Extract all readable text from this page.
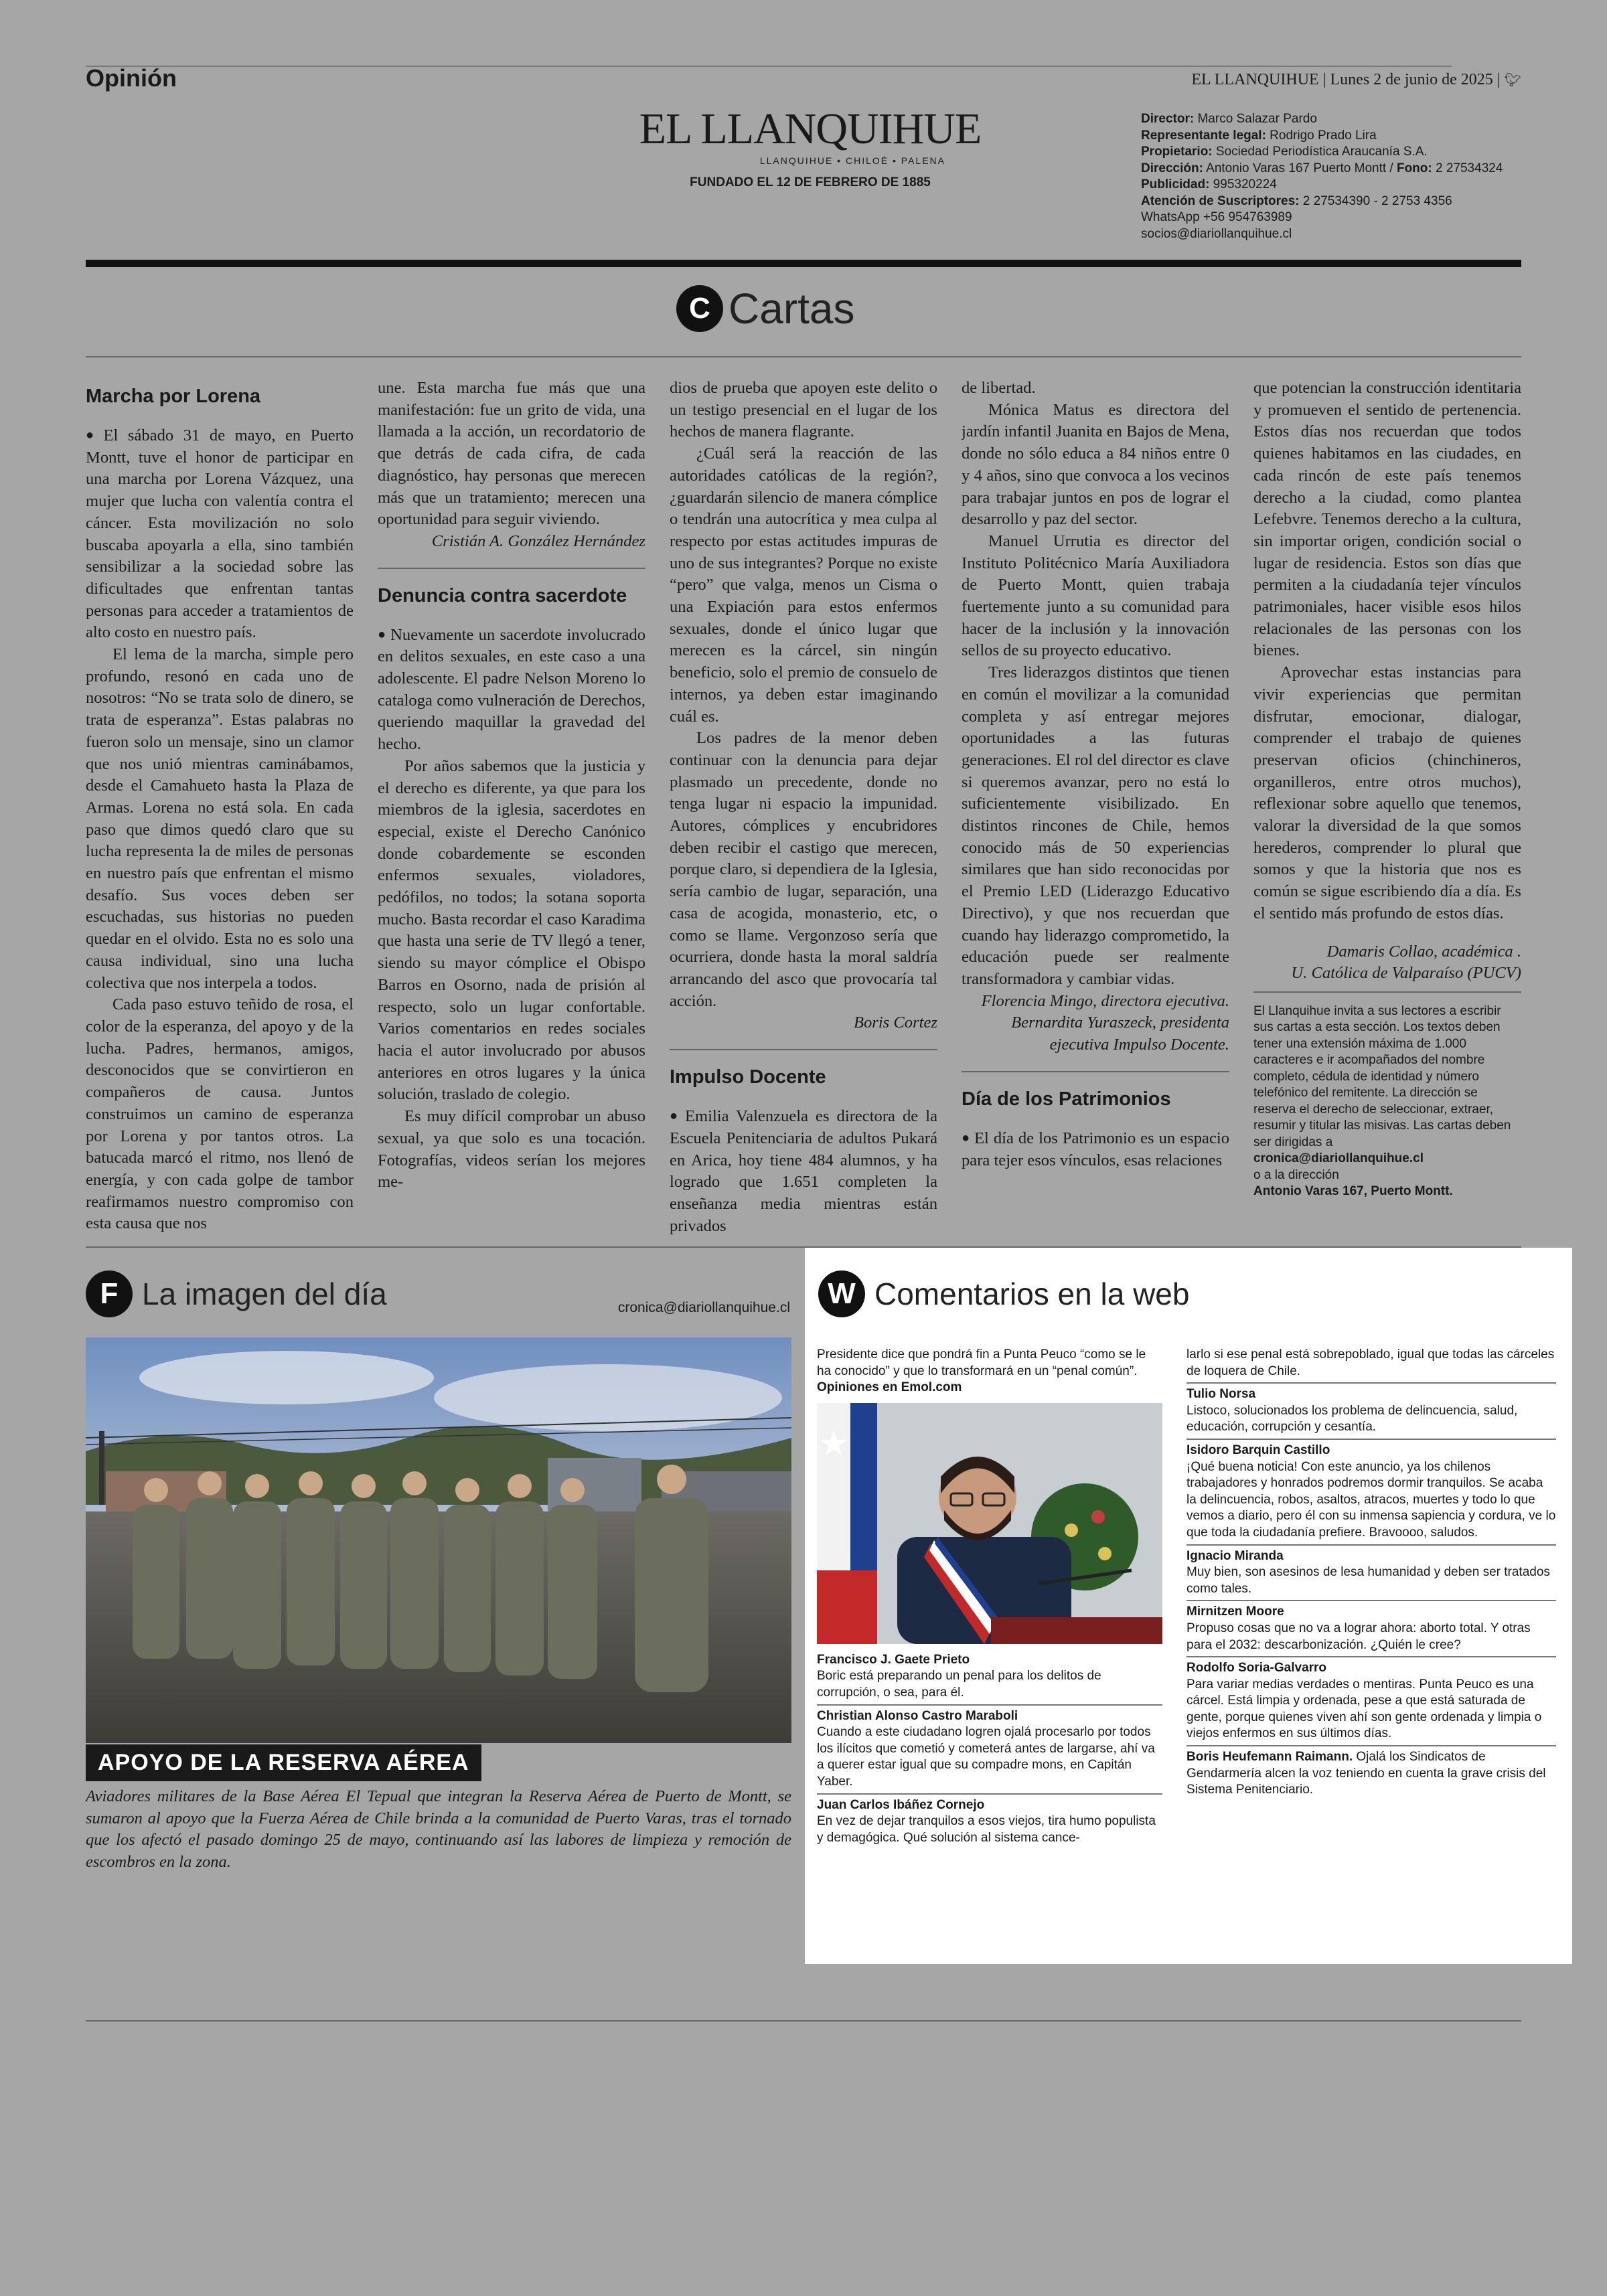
Opinión	EL LLANQUIHUE | Lunes 2 de junio de 2025 | 🐦︎
EL LLANQUIHUE
LLANQUIHUE • CHILOÉ • PALENA
FUNDADO EL 12 DE FEBRERO DE 1885
Director: Marco Salazar Pardo
Representante legal: Rodrigo Prado Lira
Propietario: Sociedad Periodística Araucanía S.A.
Dirección: Antonio Varas 167 Puerto Montt / Fono: 2 27534324
Publicidad: 995320224
Atención de Suscriptores: 2 27534390 - 2 2753 4356
WhatsApp +56 954763989
socios@diariollanquihue.cl
C Cartas
Marcha por Lorena

● El sábado 31 de mayo, en Puerto Montt, tuve el honor de participar en una marcha por Lorena Vázquez, una mujer que lucha con valentía contra el cáncer. Esta movilización no solo buscaba apoyarla a ella, sino también sensibilizar a la sociedad sobre las dificultades que enfrentan tantas personas para acceder a tratamientos de alto costo en nuestro país.

El lema de la marcha, simple pero profundo, resonó en cada uno de nosotros: “No se trata solo de dinero, se trata de esperanza”. Estas palabras no fueron solo un mensaje, sino un clamor que nos unió mientras caminábamos, desde el Camahueto hasta la Plaza de Armas. Lorena no está sola. En cada paso que dimos quedó claro que su lucha representa la de miles de personas en nuestro país que enfrentan el mismo desafío. Sus voces deben ser escuchadas, sus historias no pueden quedar en el olvido. Esta no es solo una causa individual, sino una lucha colectiva que nos interpela a todos.

Cada paso estuvo teñido de rosa, el color de la esperanza, del apoyo y de la lucha. Padres, hermanos, amigos, desconocidos que se convirtieron en compañeros de causa. Juntos construimos un camino de esperanza por Lorena y por tantos otros. La batucada marcó el ritmo, nos llenó de energía, y con cada golpe de tambor reafirmamos nuestro compromiso con esta causa que nos

une. Esta marcha fue más que una manifestación: fue un grito de vida, una llamada a la acción, un recordatorio de que detrás de cada cifra, de cada diagnóstico, hay personas que merecen más que un tratamiento; merecen una oportunidad para seguir viviendo.

Cristián A. González Hernández

Denuncia contra sacerdote

● Nuevamente un sacerdote involucrado en delitos sexuales, en este caso a una adolescente. El padre Nelson Moreno lo cataloga como vulneración de Derechos, queriendo maquillar la gravedad del hecho.

Por años sabemos que la justicia y el derecho es diferente, ya que para los miembros de la iglesia, sacerdotes en especial, existe el Derecho Canónico donde cobardemente se esconden enfermos sexuales, violadores, pedófilos, no todos; la sotana soporta mucho. Basta recordar el caso Karadima que hasta una serie de TV llegó a tener, siendo su mayor cómplice el Obispo Barros en Osorno, nada de prisión al respecto, solo un lugar confortable. Varios comentarios en redes sociales hacia el autor involucrado por abusos anteriores en otros lugares y la única solución, traslado de colegio.

Es muy difícil comprobar un abuso sexual, ya que solo es una tocación. Fotografías, videos serían los mejores me-

dios de prueba que apoyen este delito o un testigo presencial en el lugar de los hechos de manera flagrante.

¿Cuál será la reacción de las autoridades católicas de la región?, ¿guardarán silencio de manera cómplice o tendrán una autocrítica y mea culpa al respecto por estas actitudes impuras de uno de sus integrantes? Porque no existe “pero” que valga, menos un Cisma o una Expiación para estos enfermos sexuales, donde el único lugar que merecen es la cárcel, sin ningún beneficio, solo el premio de consuelo de internos, ya deben estar imaginando cuál es.

Los padres de la menor deben continuar con la denuncia para dejar plasmado un precedente, donde no tenga lugar ni espacio la impunidad. Autores, cómplices y encubridores deben recibir el castigo que merecen, porque claro, si dependiera de la Iglesia, sería cambio de lugar, separación, una casa de acogida, monasterio, etc, o como se llame. Vergonzoso sería que ocurriera, donde hasta la moral saldría arrancando del asco que provocaría tal acción.

Boris Cortez

Impulso Docente

● Emilia Valenzuela es directora de la Escuela Penitenciaria de adultos Pukará en Arica, hoy tiene 484 alumnos, y ha logrado que 1.651 completen la enseñanza media mientras están privados

de libertad.

Mónica Matus es directora del jardín infantil Juanita en Bajos de Mena, donde no sólo educa a 84 niños entre 0 y 4 años, sino que convoca a los vecinos para trabajar juntos en pos de lograr el desarrollo y paz del sector.

Manuel Urrutia es director del Instituto Politécnico María Auxiliadora de Puerto Montt, quien trabaja fuertemente junto a su comunidad para hacer de la inclusión y la innovación sellos de su proyecto educativo.

Tres liderazgos distintos que tienen en común el movilizar a la comunidad completa y así entregar mejores oportunidades a las futuras generaciones. El rol del director es clave si queremos avanzar, pero no está lo suficientemente visibilizado. En distintos rincones de Chile, hemos conocido más de 50 experiencias similares que han sido reconocidas por el Premio LED (Liderazgo Educativo Directivo), y que nos recuerdan que cuando hay liderazgo comprometido, la educación puede ser realmente transformadora y cambiar vidas.

Florencia Mingo, directora ejecutiva.

Bernardita Yuraszeck, presidenta ejecutiva Impulso Docente.

Día de los Patrimonios

● El día de los Patrimonio es un espacio para tejer esos vínculos, esas relaciones

que potencian la construcción identitaria y promueven el sentido de pertenencia. Estos días nos recuerdan que todos quienes habitamos en las ciudades, en cada rincón de este país tenemos derecho a la ciudad, como plantea Lefebvre. Tenemos derecho a la cultura, sin importar origen, condición social o lugar de residencia. Estos son días que permiten a la ciudadanía tejer vínculos patrimoniales, hacer visible esos hilos relacionales de las personas con los bienes.

Aprovechar estas instancias para vivir experiencias que permitan disfrutar, emocionar, dialogar, comprender el trabajo de quienes preservan oficios (chinchineros, organilleros, entre otros muchos), reflexionar sobre aquello que tenemos, valorar la diversidad de la que somos herederos, comprender lo plural que somos y que la historia que nos es común se sigue escribiendo día a día. Es el sentido más profundo de estos días.

Damaris Collao, académica .

U. Católica de Valparaíso (PUCV)

El Llanquihue invita a sus lectores a escribir sus cartas a esta sección. Los textos deben tener una extensión máxima de 1.000 caracteres e ir acompañados del nombre completo, cédula de identidad y número telefónico del remitente. La dirección se reserva el derecho de seleccionar, extraer, resumir y titular las misivas. Las cartas deben ser dirigidas a
cronica@diariollanquihue.cl
o a la dirección
Antonio Varas 167, Puerto Montt.
F La imagen del día	cronica@diariollanquihue.cl
APOYO DE LA RESERVA AÉREA
Aviadores militares de la Base Aérea El Tepual que integran la Reserva Aérea de Puerto de Montt, se sumaron al apoyo que la Fuerza Aérea de Chile brinda a la comunidad de Puerto Varas, tras el tornado que los afectó el pasado domingo 25 de mayo, continuando así las labores de limpieza y remoción de escombros en la zona.
W Comentarios en la web
Presidente dice que pondrá fin a Punta Peuco “como se le ha conocido” y que lo transformará en un “penal común”. Opiniones en Emol.com
Francisco J. Gaete Prieto
Boric está preparando un penal para los delitos de corrupción, o sea, para él.
Christian Alonso Castro Maraboli
Cuando a este ciudadano logren ojalá procesarlo por todos los ilícitos que cometió y cometerá antes de largarse, ahí va a querer estar igual que su compadre mons, en Capitán Yaber.
Juan Carlos Ibáñez Cornejo
En vez de dejar tranquilos a esos viejos, tira humo populista y demagógica. Qué solución al sistema cance-
larlo si ese penal está sobrepoblado, igual que todas las cárceles de loquera de Chile.
Tulio Norsa
Listoco, solucionados los problema de delincuencia, salud, educación, corrupción y cesantía.
Isidoro Barquin Castillo
¡Qué buena noticia! Con este anuncio, ya los chilenos trabajadores y honrados podremos dormir tranquilos. Se acaba la delincuencia, robos, asaltos, atracos, muertes y todo lo que vemos a diario, pero él con su inmensa sapiencia y cordura, ve lo que toda la ciudadanía prefiere. Bravoooo, saludos.
Ignacio Miranda
Muy bien, son asesinos de lesa humanidad y deben ser tratados como tales.
Mirnitzen Moore
Propuso cosas que no va a lograr ahora: aborto total. Y otras para el 2032: descarbonización. ¿Quién le cree?
Rodolfo Soria-Galvarro
Para variar medias verdades o mentiras. Punta Peuco es una cárcel. Está limpia y ordenada, pese a que está saturada de gente, porque quienes viven ahí son gente ordenada y limpia o viejos enfermos en sus últimos días.
Boris Heufemann Raimann. Ojalá los Sindicatos de Gendarmería alcen la voz teniendo en cuenta la grave crisis del Sistema Penitenciario.
